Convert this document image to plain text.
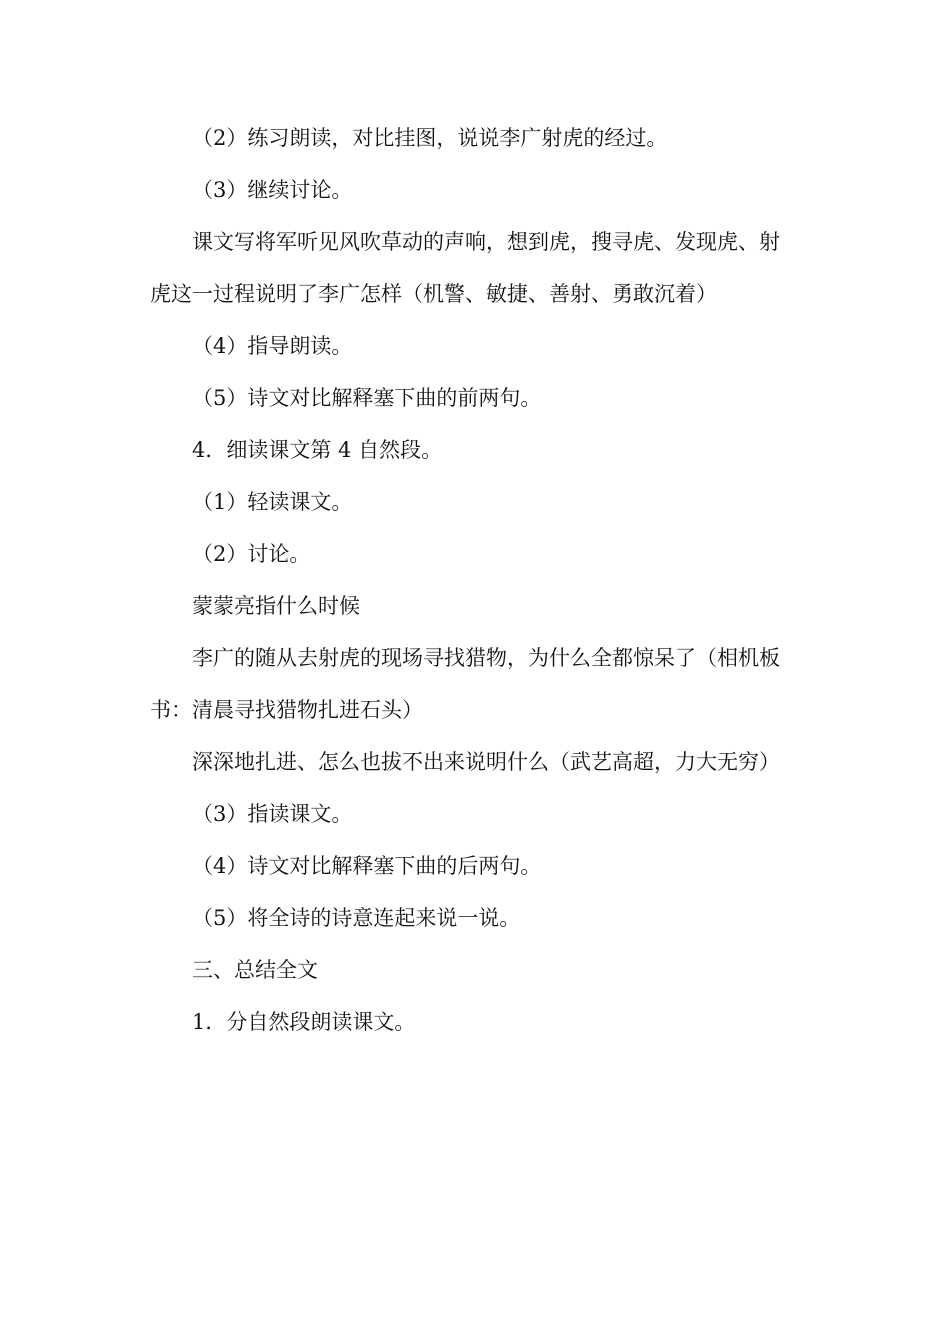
（2）练习朗读，对比挂图，说说李广射虎的经过。

（3）继续讨论。

课文写将军听见风吹草动的声响，想到虎，搜寻虎、发现虎、射虎这一过程说明了李广怎样（机警、敏捷、善射、勇敢沉着）

（4）指导朗读。

（5）诗文对比解释塞下曲的前两句。

4．细读课文第 4 自然段。

（1）轻读课文。

（2）讨论。

蒙蒙亮指什么时候

李广的随从去射虎的现场寻找猎物，为什么全都惊呆了（相机板书：清晨寻找猎物扎进石头）

深深地扎进、怎么也拔不出来说明什么（武艺高超，力大无穷）

（3）指读课文。

（4）诗文对比解释塞下曲的后两句。

（5）将全诗的诗意连起来说一说。

三、总结全文

1．分自然段朗读课文。
